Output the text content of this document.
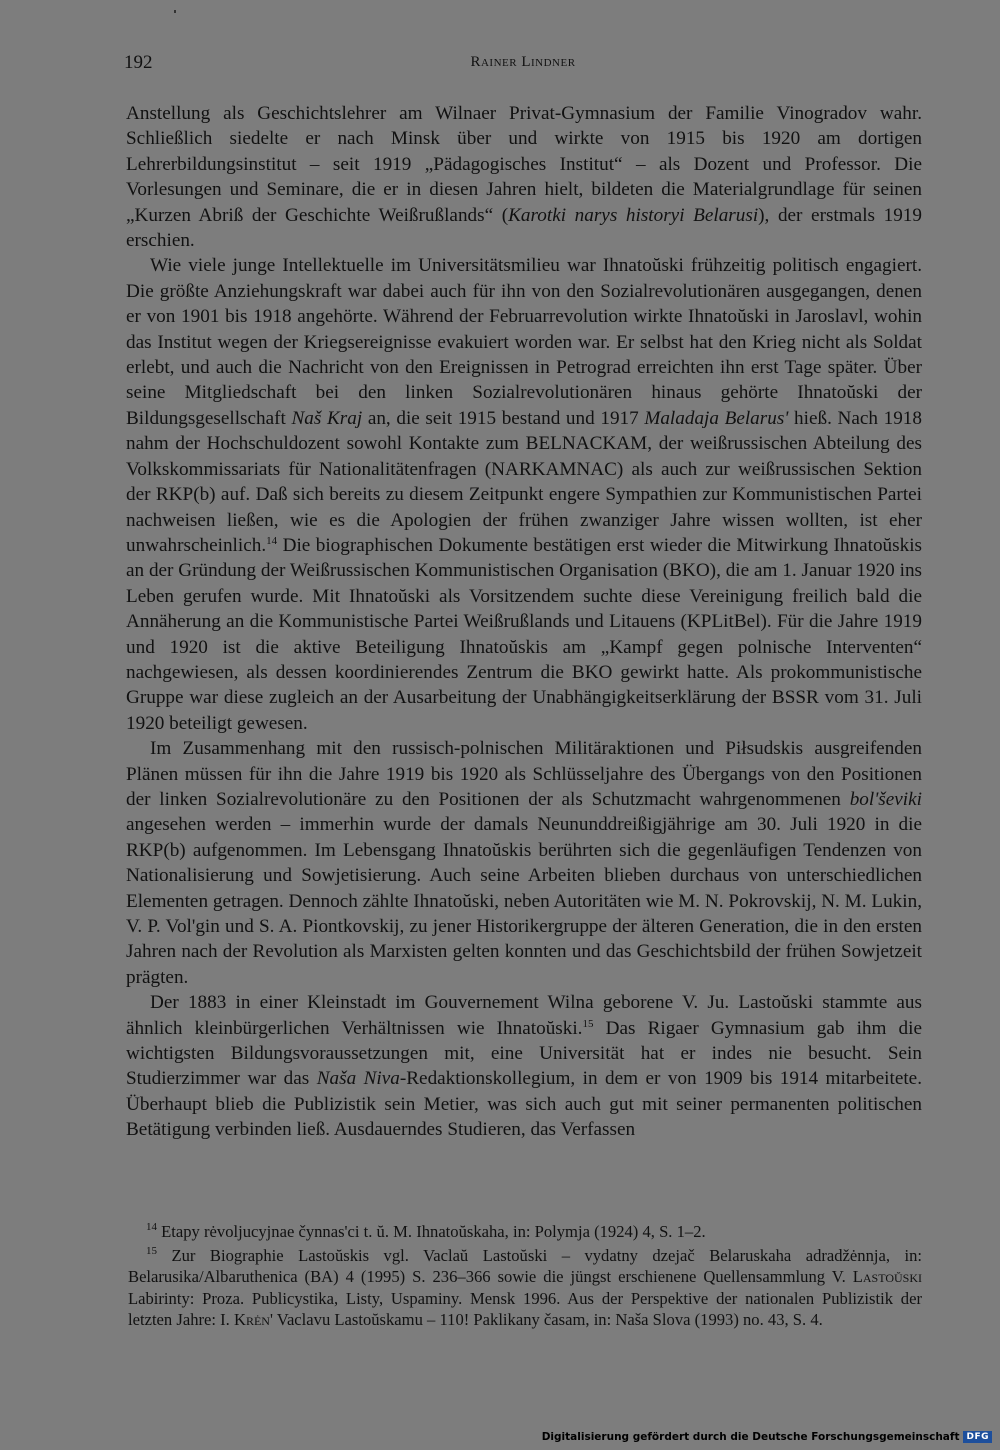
192	Rainer Lindner

Anstellung als Geschichtslehrer am Wilnaer Privat-Gymnasium der Familie Vinogradov wahr. Schließlich siedelte er nach Minsk über und wirkte von 1915 bis 1920 am dortigen Lehrerbildungsinstitut – seit 1919 „Pädagogisches Institut“ – als Dozent und Professor. Die Vorlesungen und Seminare, die er in diesen Jahren hielt, bildeten die Materialgrundlage für seinen „Kurzen Abriß der Geschichte Weißrußlands“ (Karotki narys historyi Belarusi), der erstmals 1919 erschien.

Wie viele junge Intellektuelle im Universitätsmilieu war Ihnatoŭski frühzeitig politisch engagiert. Die größte Anziehungskraft war dabei auch für ihn von den Sozialrevolutionären ausgegangen, denen er von 1901 bis 1918 angehörte. Während der Februarrevolution wirkte Ihnatoŭski in Jaroslavl, wohin das Institut wegen der Kriegsereignisse evakuiert worden war. Er selbst hat den Krieg nicht als Soldat erlebt, und auch die Nachricht von den Ereignissen in Petrograd erreichten ihn erst Tage später. Über seine Mitgliedschaft bei den linken Sozialrevolutionären hinaus gehörte Ihnatoŭski der Bildungsgesellschaft Naš Kraj an, die seit 1915 bestand und 1917 Maladaja Belarus' hieß. Nach 1918 nahm der Hochschuldozent sowohl Kontakte zum BELNACKAM, der weißrussischen Abteilung des Volkskommissariats für Nationalitätenfragen (NARKAMNAC) als auch zur weißrussischen Sektion der RKP(b) auf. Daß sich bereits zu diesem Zeitpunkt engere Sympathien zur Kommunistischen Partei nachweisen ließen, wie es die Apologien der frühen zwanziger Jahre wissen wollten, ist eher unwahrscheinlich.$^{14}$ Die biographischen Dokumente bestätigen erst wieder die Mitwirkung Ihnatoŭskis an der Gründung der Weißrussischen Kommunistischen Organisation (BKO), die am 1. Januar 1920 ins Leben gerufen wurde. Mit Ihnatoŭski als Vorsitzendem suchte diese Vereinigung freilich bald die Annäherung an die Kommunistische Partei Weißrußlands und Litauens (KPLitBel). Für die Jahre 1919 und 1920 ist die aktive Beteiligung Ihnatoŭskis am „Kampf gegen polnische Interventen“ nachgewiesen, als dessen koordinierendes Zentrum die BKO gewirkt hatte. Als prokommunistische Gruppe war diese zugleich an der Ausarbeitung der Unabhängigkeitserklärung der BSSR vom 31. Juli 1920 beteiligt gewesen.

Im Zusammenhang mit den russisch-polnischen Militäraktionen und Piłsudskis ausgreifenden Plänen müssen für ihn die Jahre 1919 bis 1920 als Schlüsseljahre des Übergangs von den Positionen der linken Sozialrevolutionäre zu den Positionen der als Schutzmacht wahrgenommenen bol'ševiki angesehen werden – immerhin wurde der damals Neununddreißigjährige am 30. Juli 1920 in die RKP(b) aufgenommen. Im Lebensgang Ihnatoŭskis berührten sich die gegenläufigen Tendenzen von Nationalisierung und Sowjetisierung. Auch seine Arbeiten blieben durchaus von unterschiedlichen Elementen getragen. Dennoch zählte Ihnatoŭski, neben Autoritäten wie M. N. Pokrovskij, N. M. Lukin, V. P. Vol'gin und S. A. Piontkovskij, zu jener Historikergruppe der älteren Generation, die in den ersten Jahren nach der Revolution als Marxisten gelten konnten und das Geschichtsbild der frühen Sowjetzeit prägten.

Der 1883 in einer Kleinstadt im Gouvernement Wilna geborene V. Ju. Lastoŭski stammte aus ähnlich kleinbürgerlichen Verhältnissen wie Ihnatoŭski.$^{15}$ Das Rigaer Gymnasium gab ihm die wichtigsten Bildungsvoraussetzungen mit, eine Universität hat er indes nie besucht. Sein Studierzimmer war das Naša Niva-Redaktionskollegium, in dem er von 1909 bis 1914 mitarbeitete. Überhaupt blieb die Publizistik sein Metier, was sich auch gut mit seiner permanenten politischen Betätigung verbinden ließ. Ausdauerndes Studieren, das Verfassen

$^{14}$ Etapy rėvoljucyjnae čynnas'ci t. ŭ. M. Ihnatoŭskaha, in: Polymja (1924) 4, S. 1–2.

$^{15}$ Zur Biographie Lastoŭskis vgl. Vaclaŭ Lastoŭski – vydatny dzejač Belaruskaha adradžėnnja, in: Belarusika/Albaruthenica (BA) 4 (1995) S. 236–366 sowie die jüngst erschienene Quellensammlung V. Lastoŭski Labirinty: Proza. Publicystika, Listy, Uspaminy. Mensk 1996. Aus der Perspektive der nationalen Publizistik der letzten Jahre: I. Krėn' Vaclavu Lastoŭskamu – 110! Paklikany časam, in: Naša Slova (1993) no. 43, S. 4.

Digitalisierung gefördert durch die Deutsche Forschungsgemeinschaft DFG
